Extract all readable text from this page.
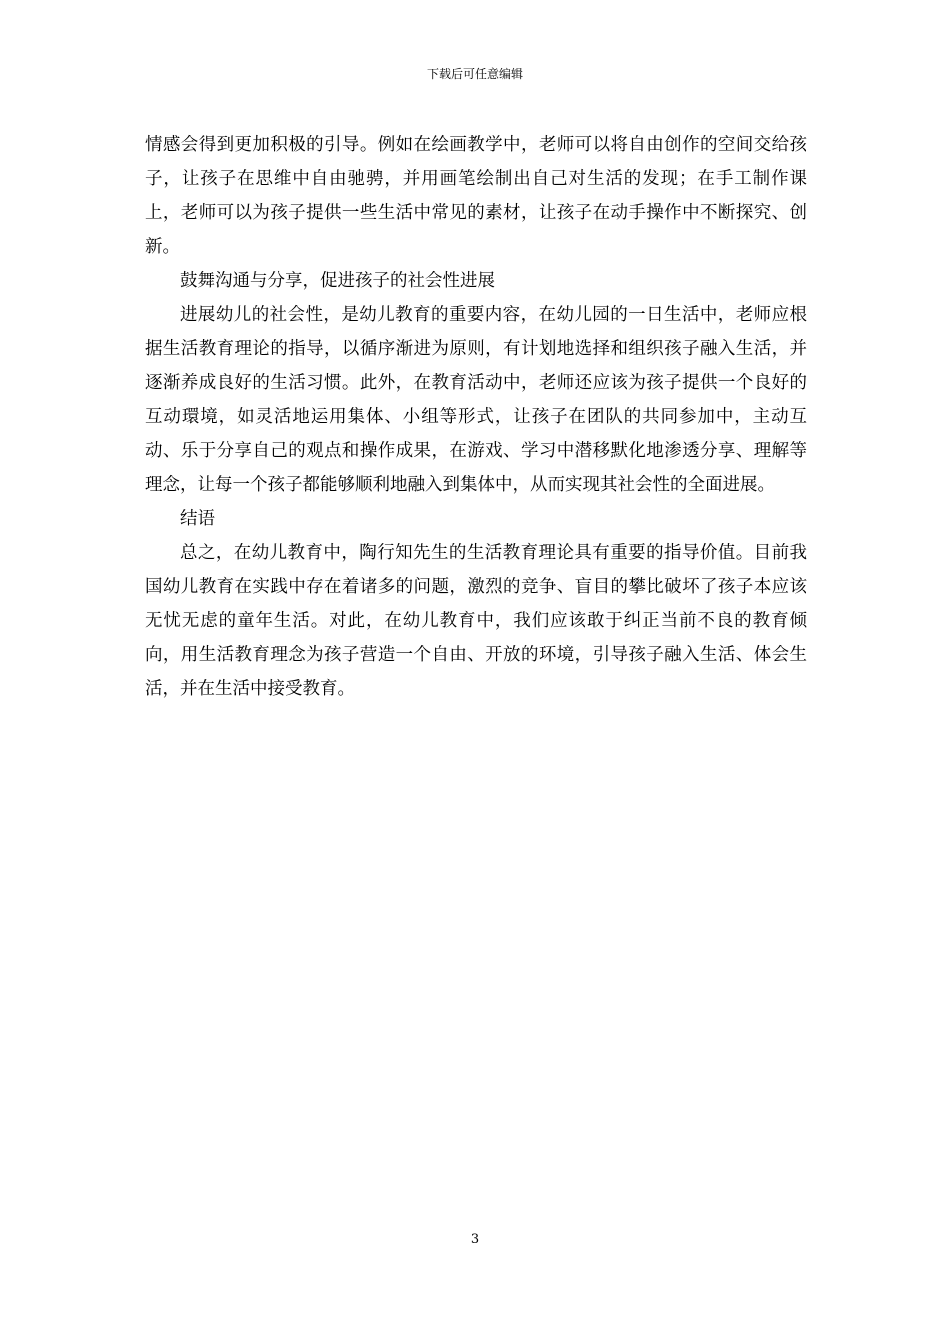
下载后可任意编辑

情感会得到更加积极的引导。例如在绘画教学中，老师可以将自由创作的空间交给孩子，让孩子在思维中自由驰骋，并用画笔绘制出自己对生活的发现；在手工制作课上，老师可以为孩子提供一些生活中常见的素材，让孩子在动手操作中不断探究、创新。

鼓舞沟通与分享，促进孩子的社会性进展

进展幼儿的社会性，是幼儿教育的重要内容，在幼儿园的一日生活中，老师应根据生活教育理论的指导，以循序渐进为原则，有计划地选择和组织孩子融入生活，并逐渐养成良好的生活习惯。此外，在教育活动中，老师还应该为孩子提供一个良好的互动環境，如灵活地运用集体、小组等形式，让孩子在团队的共同参加中，主动互动、乐于分享自己的观点和操作成果，在游戏、学习中潜移默化地渗透分享、理解等理念，让每一个孩子都能够顺利地融入到集体中，从而实现其社会性的全面进展。

结语

总之，在幼儿教育中，陶行知先生的生活教育理论具有重要的指导价值。目前我国幼儿教育在实践中存在着诸多的问题，激烈的竞争、盲目的攀比破坏了孩子本应该无忧无虑的童年生活。对此，在幼儿教育中，我们应该敢于纠正当前不良的教育倾向，用生活教育理念为孩子营造一个自由、开放的环境，引导孩子融入生活、体会生活，并在生活中接受教育。

3
